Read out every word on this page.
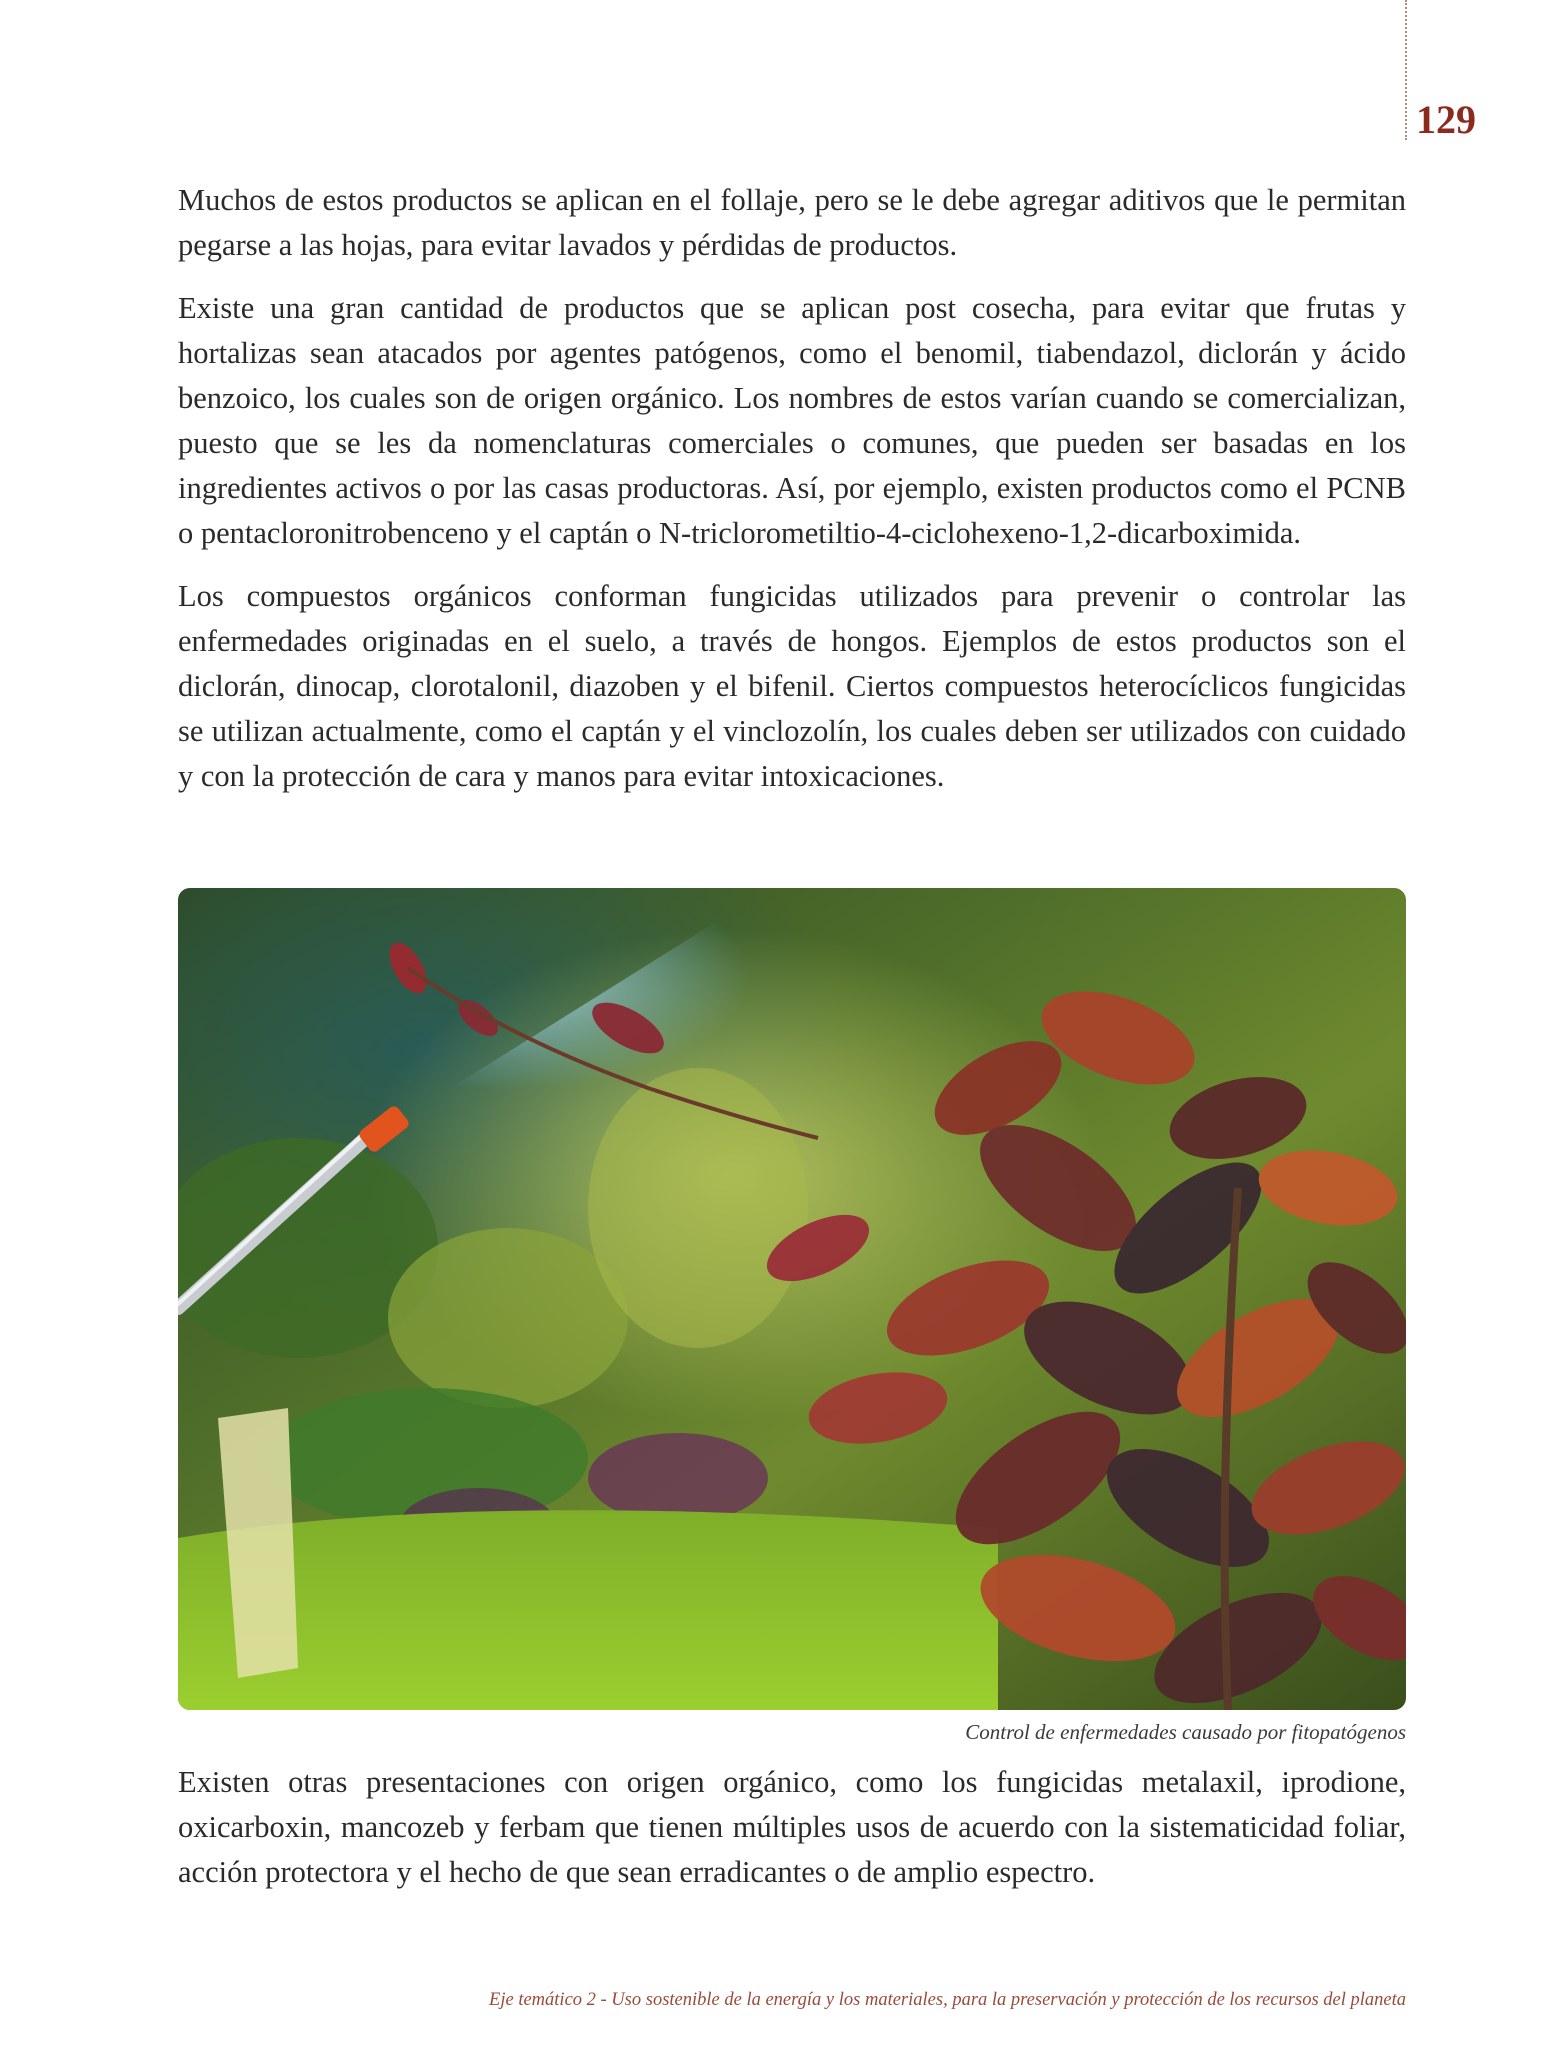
129

Muchos de estos productos se aplican en el follaje, pero se le debe agregar aditivos que le permitan pegarse a las hojas, para evitar lavados y pérdidas de productos.

Existe una gran cantidad de productos que se aplican post cosecha, para evitar que frutas y hortalizas sean atacados por agentes patógenos, como el benomil, tiabendazol, diclorán y ácido benzoico, los cuales son de origen orgánico. Los nombres de estos varían cuando se comercializan, puesto que se les da nomenclaturas comerciales o comunes, que pueden ser basadas en los ingredientes activos o por las casas productoras. Así, por ejemplo, existen productos como el PCNB o pentacloronitrobenceno y el captán o N-triclorometiltio-4-ciclohexeno-1,2-dicarboximida.

Los compuestos orgánicos conforman fungicidas utilizados para prevenir o controlar las enfermedades originadas en el suelo, a través de hongos. Ejemplos de estos productos son el diclorán, dinocap, clorotalonil, diazoben y el bifenil. Ciertos compuestos heterocíclicos fungicidas se utilizan actualmente, como el captán y el vinclozolín, los cuales deben ser utilizados con cuidado y con la protección de cara y manos para evitar intoxicaciones.

Control de enfermedades causado por fitopatógenos

Existen otras presentaciones con origen orgánico, como los fungicidas metalaxil, iprodione, oxicarboxin, mancozeb y ferbam que tienen múltiples usos de acuerdo con la sistematicidad foliar, acción protectora y el hecho de que sean erradicantes o de amplio espectro.

Eje temático 2 - Uso sostenible de la energía y los materiales, para la preservación y protección de los recursos del planeta
